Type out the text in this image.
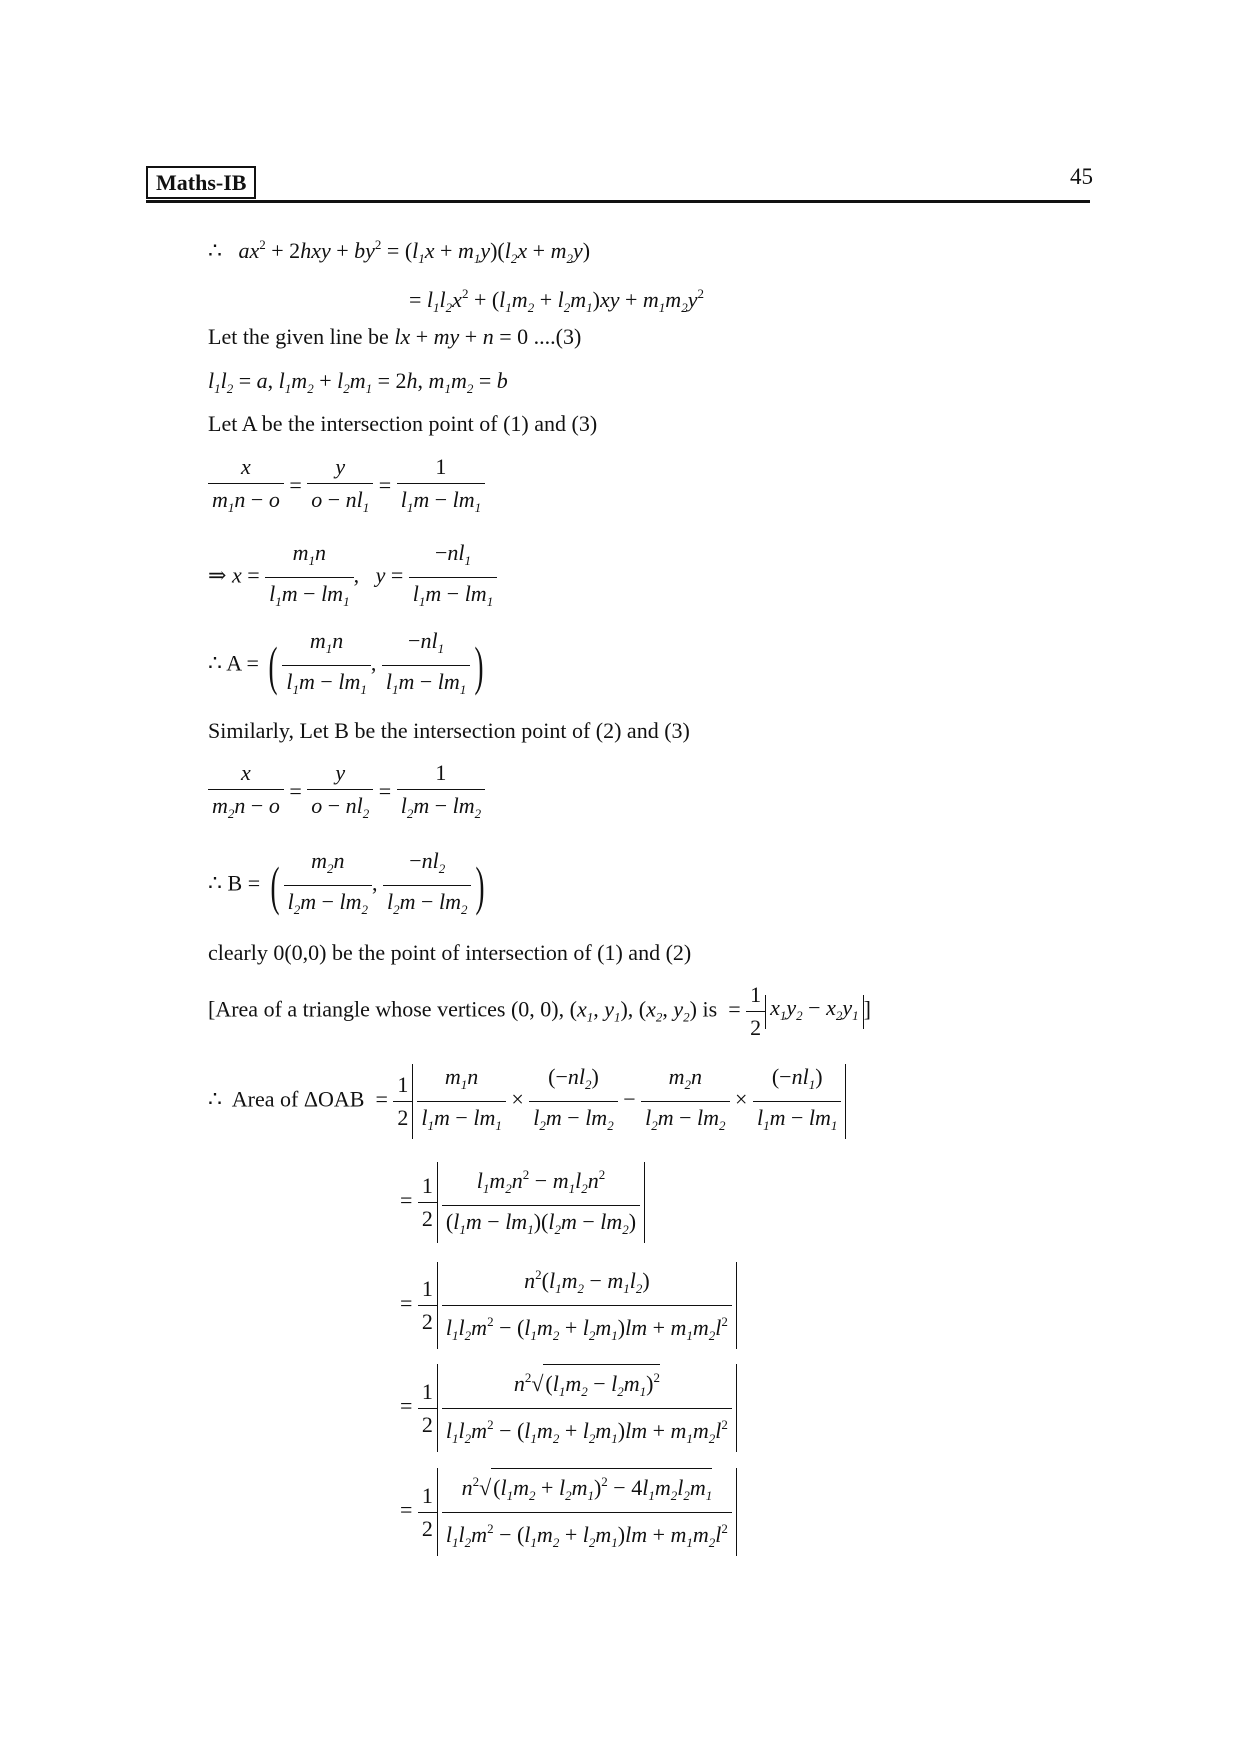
Maths-IB	45
∴   $ax^2 + 2hxy + by^2 = (l_1x + m_1y)(l_2x + m_2y)$
= $l_1l_2x^2 + (l_1m_2 + l_2m_1)xy + m_1m_2y^2$
Let the given line be lx + my + n = 0 ....(3)
$l_1l_2 = a$, $l_1m_2 + l_2m_1 = 2h$, $m_1m_2 = b$
Let A be the intersection point of (1) and (3)
$\frac{x}{m_1n - o} = \frac{y}{o - nl_1} = \frac{1}{l_1m - lm_1}$
⇒ $x = \frac{m_1n}{l_1m - lm_1}$ ,   $y = \frac{-nl_1}{l_1m - lm_1}$
∴ A = ( $\frac{m_1n}{l_1m - lm_1}$ , $\frac{-nl_1}{l_1m - lm_1}$ )
Similarly, Let B be the intersection point of (2) and (3)
$\frac{x}{m_2n - o} = \frac{y}{o - nl_2} = \frac{1}{l_2m - lm_2}$
∴ B = ( $\frac{m_2n}{l_2m - lm_2}$ , $\frac{-nl_2}{l_2m - lm_2}$ )
clearly 0(0,0) be the point of intersection of (1) and (2)
[Area of a triangle whose vertices (0, 0), ($x_1$, $y_1$), ($x_2$, $y_2$) is  = $\frac{1}{2} x_1y_2 - x_2y_1$ ]
∴  Area of $\Delta OAB = \frac{1}{2} \frac{m_1n}{l_1m - lm_1} \times \frac{(-nl_2)}{l_2m - lm_2} - \frac{m_2n}{l_2m - lm_2} \times \frac{(-nl_1)}{l_1m - lm_1}$
= $\frac{1}{2} \frac{l_1m_2n^2 - m_1l_2n^2}{(l_1m - lm_1)(l_2m - lm_2)}$
= $\frac{1}{2} \frac{n^2(l_1m_2 - m_1l_2)}{l_1l_2m^2 - (l_1m_2 + l_2m_1)lm + m_1m_2l^2}$
= $\frac{1}{2} \frac{n^2√(l_1m_2 - l_2m_1)^2}{l_1l_2m^2 - (l_1m_2 + l_2m_1)lm + m_1m_2l^2}$
= $\frac{1}{2} \frac{n^2√(l_1m_2 + l_2m_1)^2 - 4l_1m_2l_2m_1}{l_1l_2m^2 - (l_1m_2 + l_2m_1)lm + m_1m_2l^2}$
